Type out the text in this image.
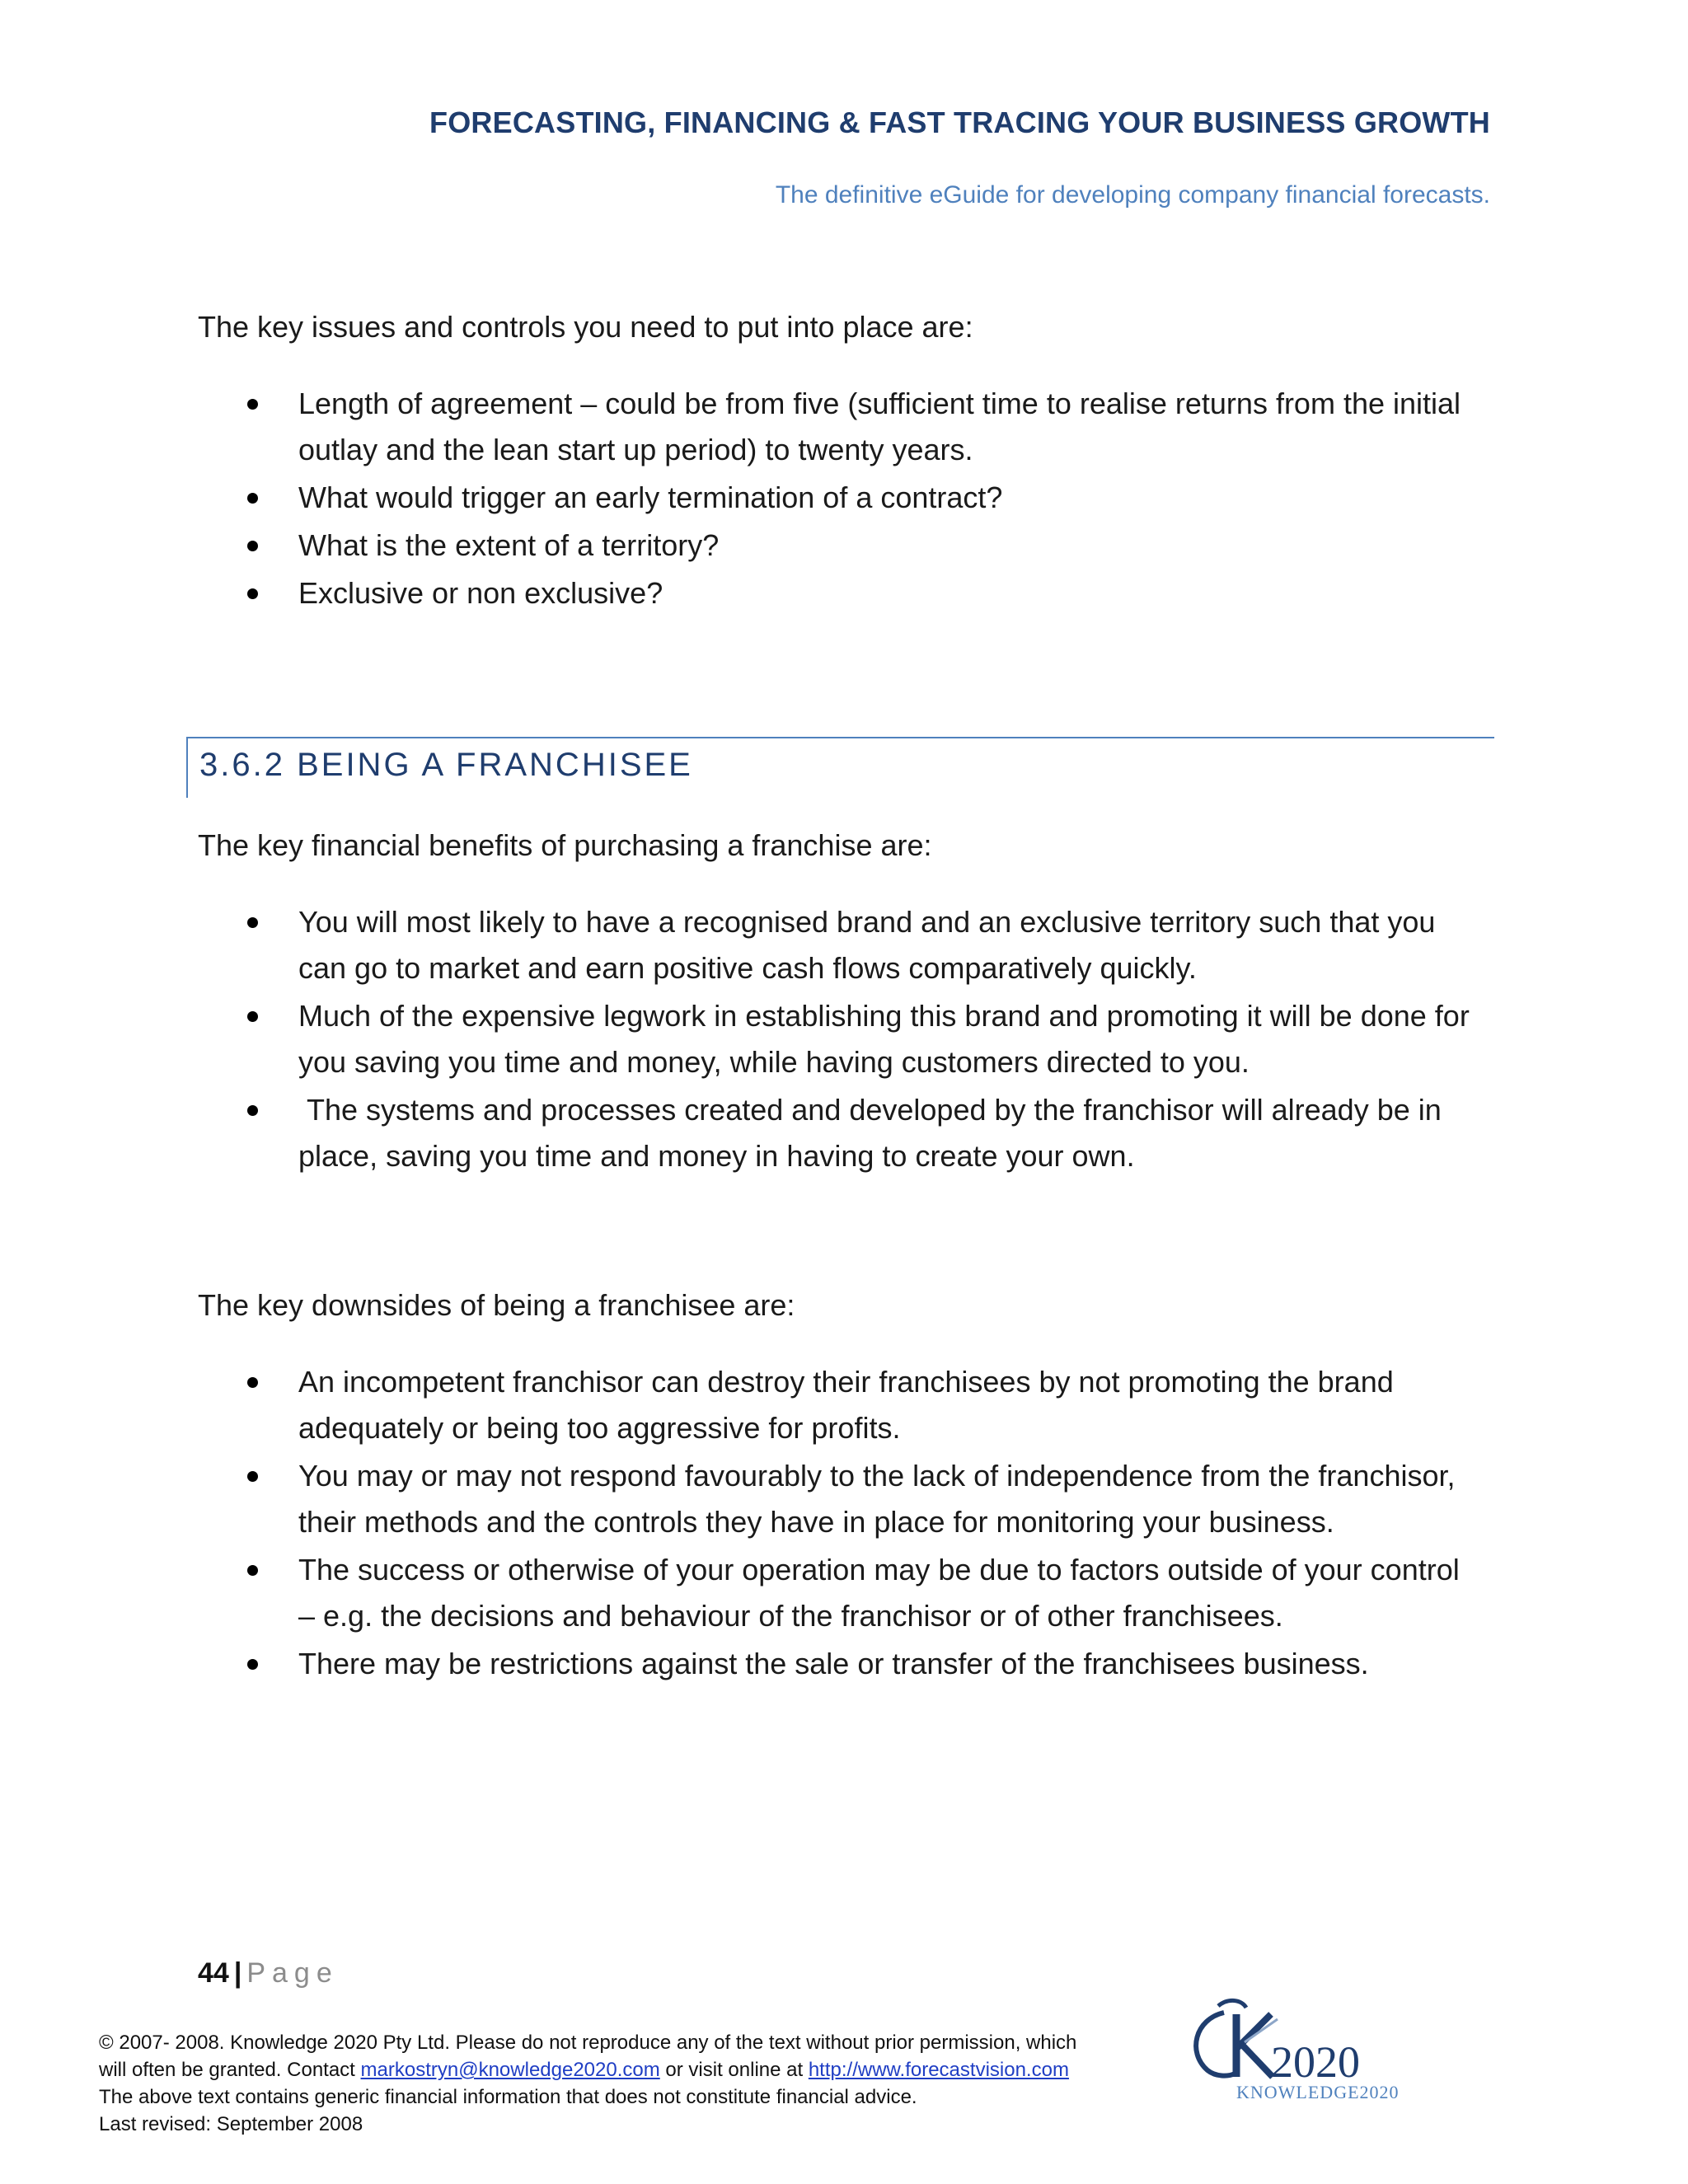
FORECASTING, FINANCING & FAST TRACING YOUR BUSINESS GROWTH
The definitive eGuide for developing company financial forecasts.
The key issues and controls you need to put into place are:
Length of agreement – could be from five (sufficient time to realise returns from the initial outlay and the lean start up period) to twenty years.
What would trigger an early termination of a contract?
What is the extent of a territory?
Exclusive or non exclusive?
The key financial benefits of purchasing a franchise are:
You will most likely to have a recognised brand and an exclusive territory such that you can go to market and earn positive cash flows comparatively quickly.
Much of the expensive legwork in establishing this brand and promoting it will be done for you saving you time and money, while having customers directed to you.
The systems and processes created and developed by the franchisor will already be in place, saving you time and money in having to create your own.
The key downsides of being a franchisee are:
An incompetent franchisor can destroy their franchisees by not promoting the brand adequately or being too aggressive for profits.
You may or may not respond favourably to the lack of independence from the franchisor, their methods and the controls they have in place for monitoring your business.
The success or otherwise of your operation may be due to factors outside of your control – e.g. the decisions and behaviour of the franchisor or of other franchisees.
There may be restrictions against the sale or transfer of the franchisees business.
3.6.2 BEING A FRANCHISEE
44 | Page
© 2007- 2008. Knowledge 2020 Pty Ltd. Please do not reproduce any of the text without prior permission, which
will often be granted. Contact markostryn@knowledge2020.com or visit online at http://www.forecastvision.com
The above text contains generic financial information that does not constitute financial advice.
Last revised: September 2008
2020
KNOWLEDGE2020
